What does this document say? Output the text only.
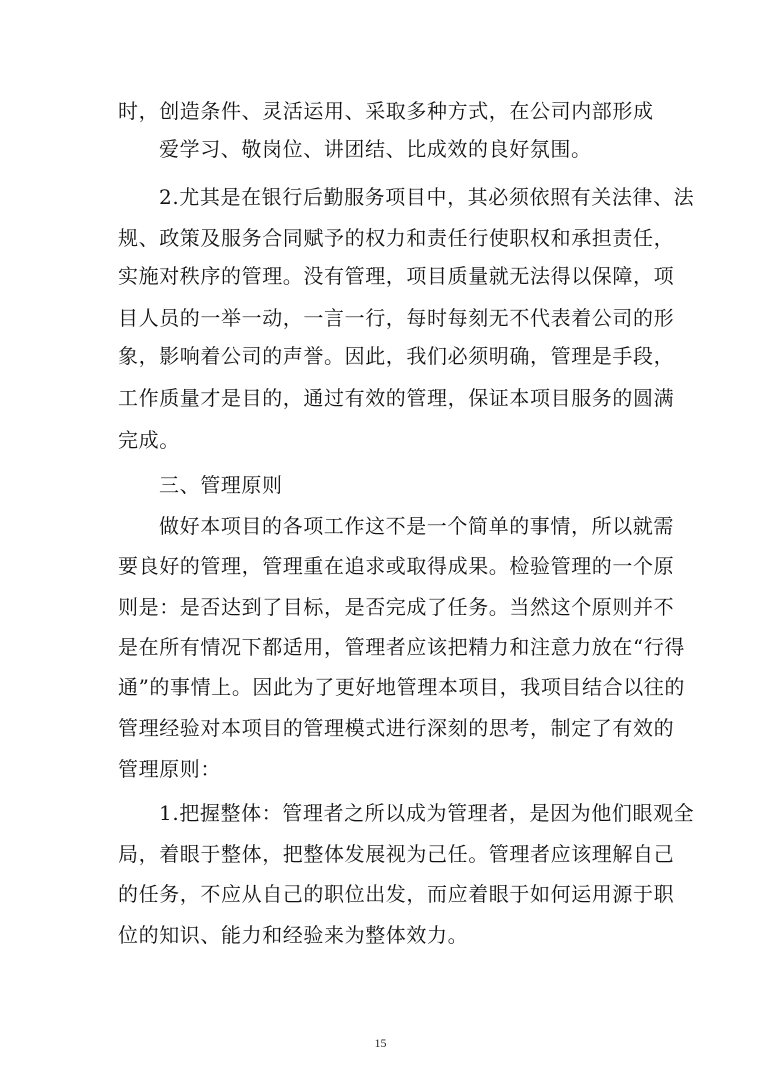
时，创造条件、灵活运用、采取多种方式，在公司内部形成
爱学习、敬岗位、讲团结、比成效的良好氛围。
2.尤其是在银行后勤服务项目中，其必须依照有关法律、法
规、政策及服务合同赋予的权力和责任行使职权和承担责任，
实施对秩序的管理。没有管理，项目质量就无法得以保障，项
目人员的一举一动，一言一行，每时每刻无不代表着公司的形
象，影响着公司的声誉。因此，我们必须明确，管理是手段，
工作质量才是目的，通过有效的管理，保证本项目服务的圆满
完成。
三、管理原则
做好本项目的各项工作这不是一个简单的事情，所以就需
要良好的管理，管理重在追求或取得成果。检验管理的一个原
则是：是否达到了目标，是否完成了任务。当然这个原则并不
是在所有情况下都适用，管理者应该把精力和注意力放在“行得
通”的事情上。因此为了更好地管理本项目，我项目结合以往的
管理经验对本项目的管理模式进行深刻的思考，制定了有效的
管理原则：
1.把握整体：管理者之所以成为管理者，是因为他们眼观全
局，着眼于整体，把整体发展视为己任。管理者应该理解自己
的任务，不应从自己的职位出发，而应着眼于如何运用源于职
位的知识、能力和经验来为整体效力。
15
